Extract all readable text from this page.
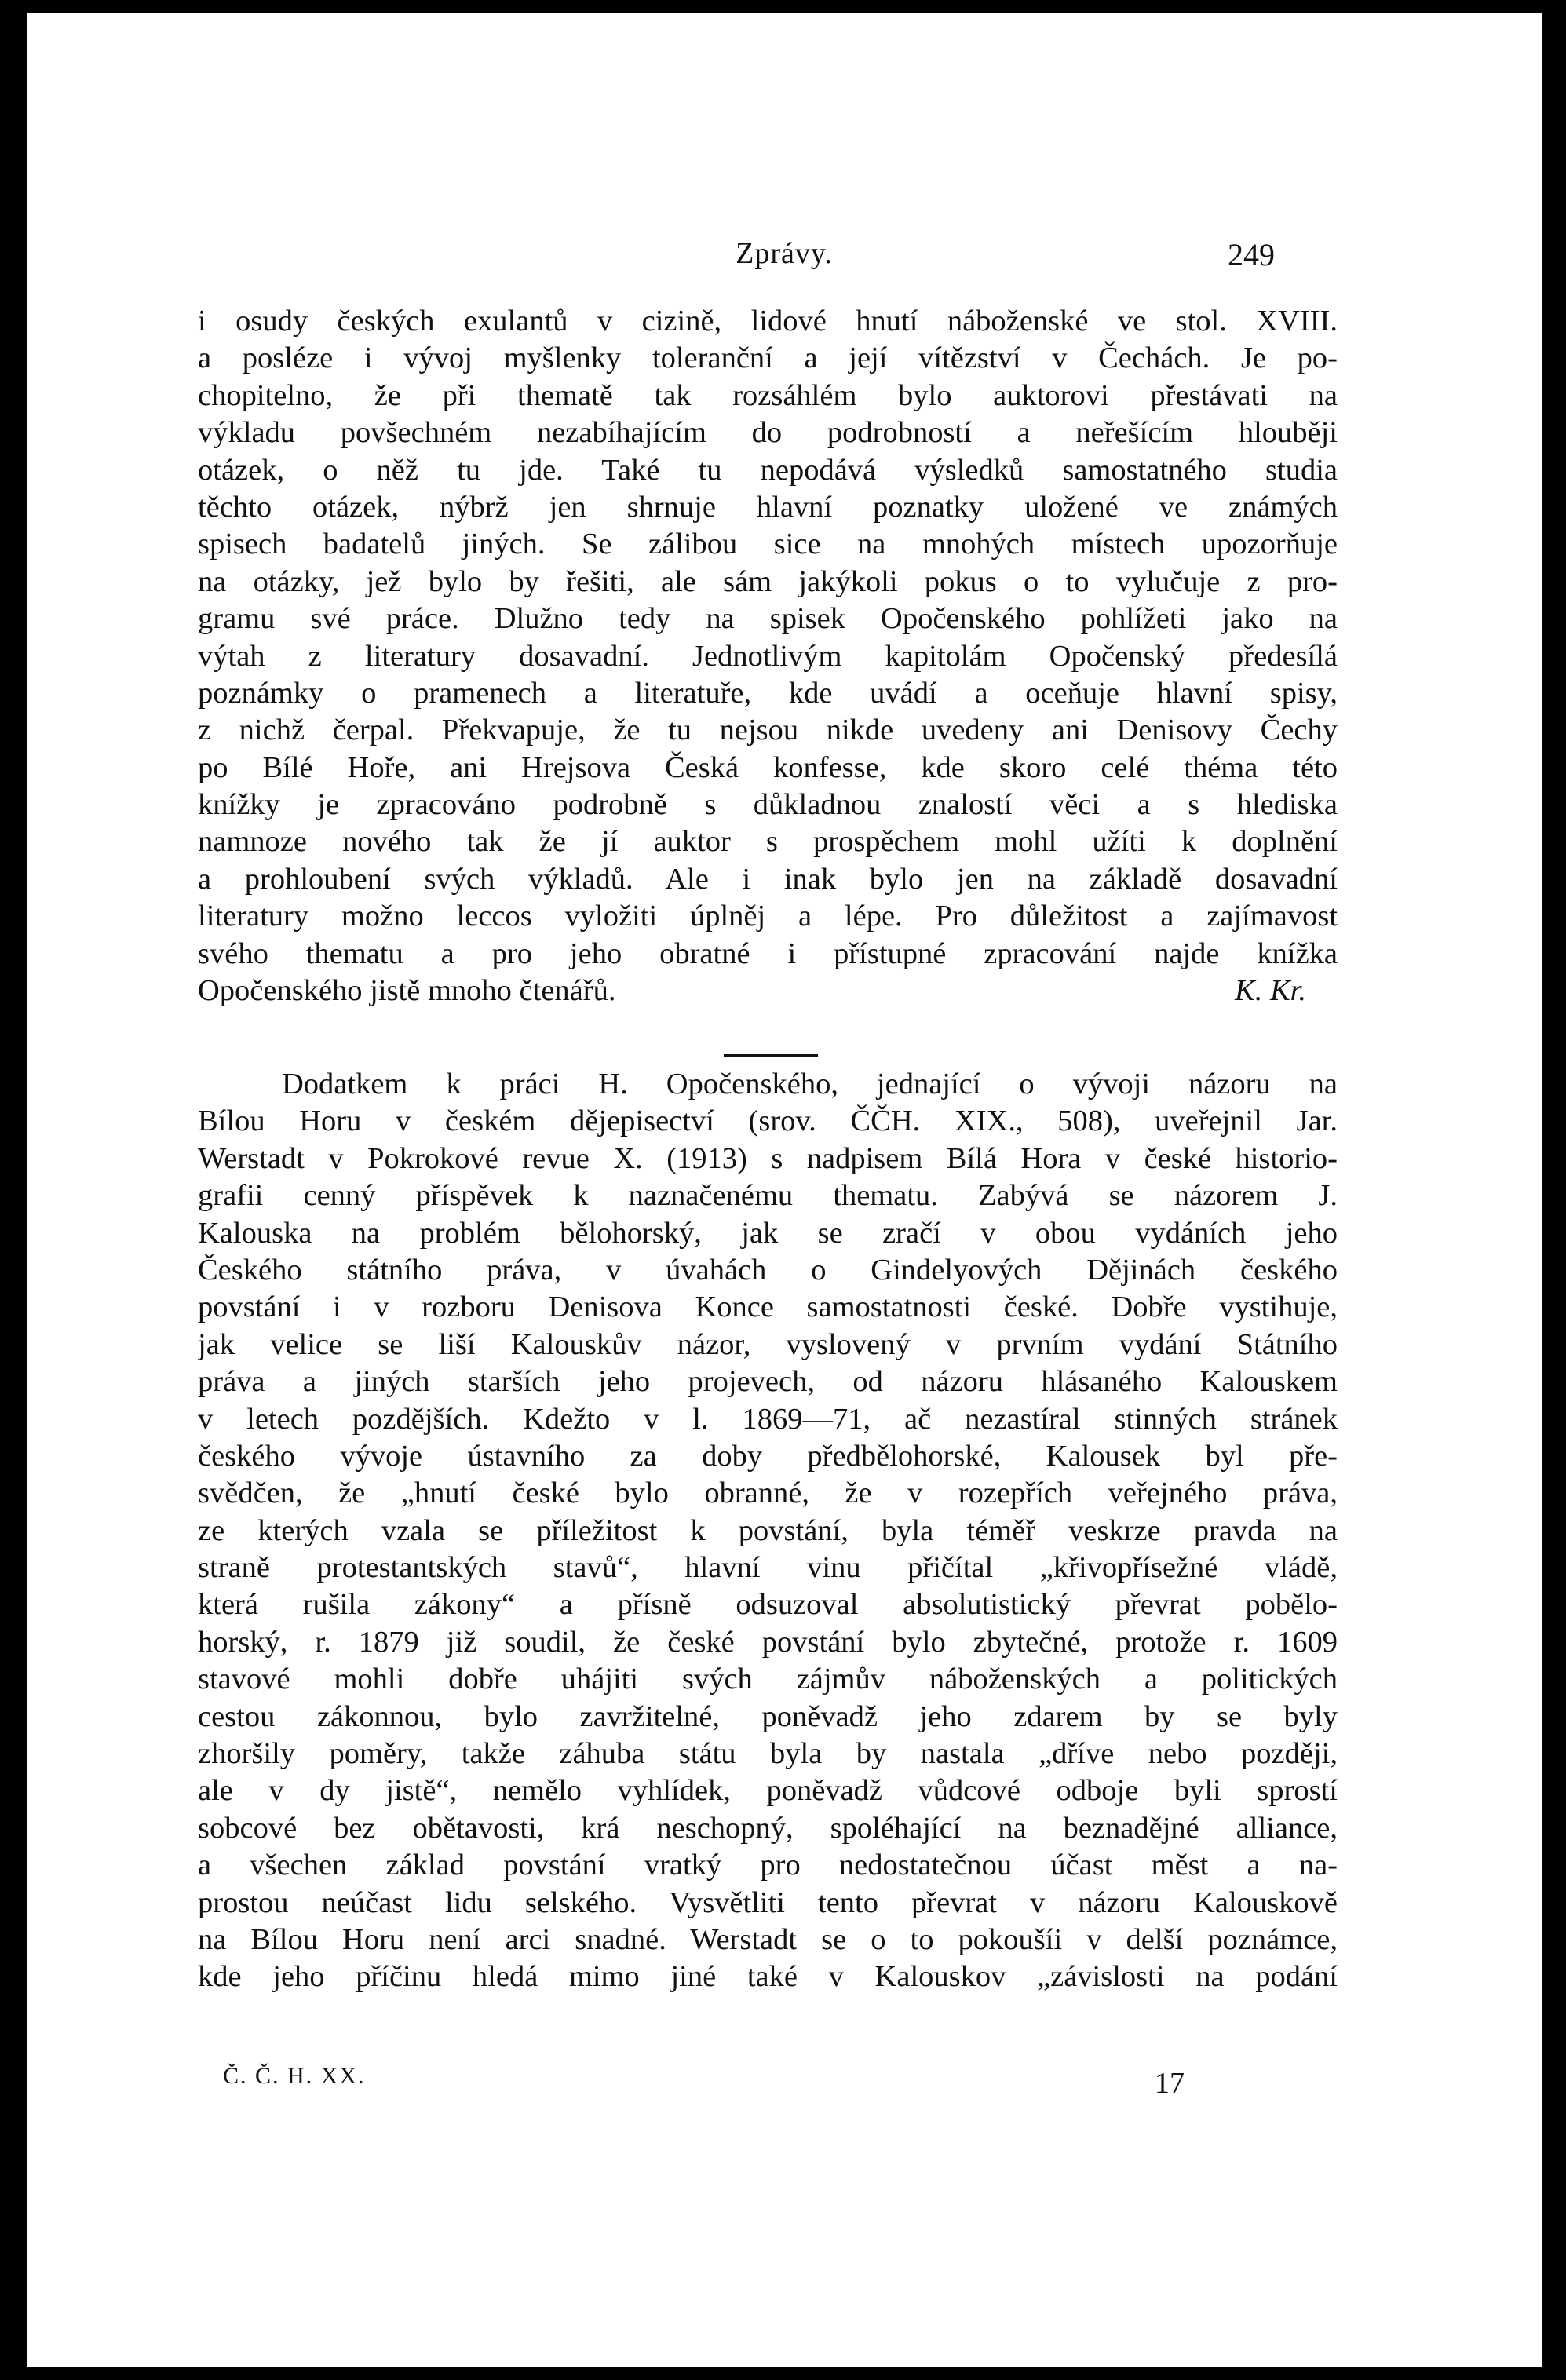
Zprávy.	249
i osudy českých exulantů v cizině, lidové hnutí náboženské ve stol. XVIII.
a posléze i vývoj myšlenky toleranční a její vítězství v Čechách. Je po-
chopitelno, že při thematě tak rozsáhlém bylo auktorovi přestávati na
výkladu povšechném nezabíhajícím do podrobností a neřešícím hlouběji
otázek, o něž tu jde. Také tu nepodává výsledků samostatného studia
těchto otázek, nýbrž jen shrnuje hlavní poznatky uložené ve známých
spisech badatelů jiných. Se zálibou sice na mnohých místech upozorňuje
na otázky, jež bylo by řešiti, ale sám jakýkoli pokus o to vylučuje z pro-
gramu své práce. Dlužno tedy na spisek Opočenského pohlížeti jako na
výtah z literatury dosavadní. Jednotlivým kapitolám Opočenský předesílá
poznámky o pramenech a literatuře, kde uvádí a oceňuje hlavní spisy,
z nichž čerpal. Překvapuje, že tu nejsou nikde uvedeny ani Denisovy Čechy
po Bílé Hoře, ani Hrejsova Česká konfesse, kde skoro celé théma této
knížky je zpracováno podrobně s důkladnou znalostí věci a s hlediska
namnoze nového tak že jí auktor s prospěchem mohl užíti k doplnění
a prohloubení svých výkladů. Ale i inak bylo jen na základě dosavadní
literatury možno leccos vyložiti úplněj a lépe. Pro důležitost a zajímavost
svého thematu a pro jeho obratné i přístupné zpracování najde knížka
Opočenského jistě mnoho čtenářů.	K. Kr.
Dodatkem k práci H. Opočenského, jednající o vývoji názoru na
Bílou Horu v českém dějepisectví (srov. ČČH. XIX., 508), uveřejnil Jar.
Werstadt v Pokrokové revue X. (1913) s nadpisem Bílá Hora v české historio-
grafii cenný příspěvek k naznačenému thematu. Zabývá se názorem J.
Kalouska na problém bělohorský, jak se zračí v obou vydáních jeho
Českého státního práva, v úvahách o Gindelyových Dějinách českého
povstání i v rozboru Denisova Konce samostatnosti české. Dobře vystihuje,
jak velice se liší Kalouskův názor, vyslovený v prvním vydání Státního
práva a jiných starších jeho projevech, od názoru hlásaného Kalouskem
v letech pozdějších. Kdežto v l. 1869—71, ač nezastíral stinných stránek
českého vývoje ústavního za doby předbělohorské, Kalousek byl pře-
svědčen, že „hnutí české bylo obranné, že v rozepřích veřejného práva,
ze kterých vzala se příležitost k povstání, byla téměř veskrze pravda na
straně protestantských stavů“, hlavní vinu přičítal „křivopřísežné vládě,
která rušila zákony“ a přísně odsuzoval absolutistický převrat pobělo-
horský, r. 1879 již soudil, že české povstání bylo zbytečné, protože r. 1609
stavové mohli dobře uhájiti svých zájmův náboženských a politických
cestou zákonnou, bylo zavržitelné, poněvadž jeho zdarem by se byly
zhoršily poměry, takže záhuba státu byla by nastala „dříve nebo později,
ale v dy jistě“, nemělo vyhlídek, poněvadž vůdcové odboje byli sprostí
sobcové bez obětavosti, krá neschopný, spoléhající na beznadějné alliance,
a všechen základ povstání vratký pro nedostatečnou účast měst a na-
prostou neúčast lidu selského. Vysvětliti tento převrat v názoru Kalouskově
na Bílou Horu není arci snadné. Werstadt se o to pokoušíi v delší poznámce,
kde jeho příčinu hledá mimo jiné také v Kalouskov „závislosti na podání
Č. Č. H. XX.	17
